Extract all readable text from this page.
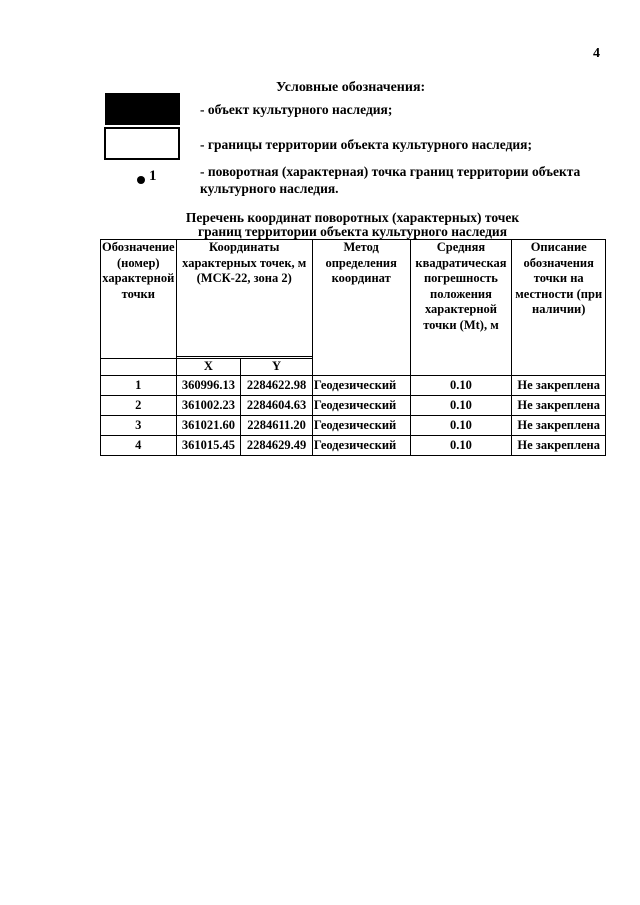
4
Условные обозначения:
- объект культурного наследия;
- границы территории объекта культурного наследия;
1	- поворотная (характерная) точка границ территории объекта культурного наследия.
Перечень координат поворотных (характерных) точек
границ территории объекта культурного наследия
Обозначение (номер) характерной точки	Координаты характерных точек, м (МСК-22, зона 2)		Метод определения координат	Средняя квадратическая погрешность положения характерной точки (Mt), м	Описание обозначения точки на местности (при наличии)

	X	Y			
1	360996.13	2284622.98	Геодезический	0.10	Не закреплена
2	361002.23	2284604.63	Геодезический	0.10	Не закреплена
3	361021.60	2284611.20	Геодезический	0.10	Не закреплена
4	361015.45	2284629.49	Геодезический	0.10	Не закреплена
